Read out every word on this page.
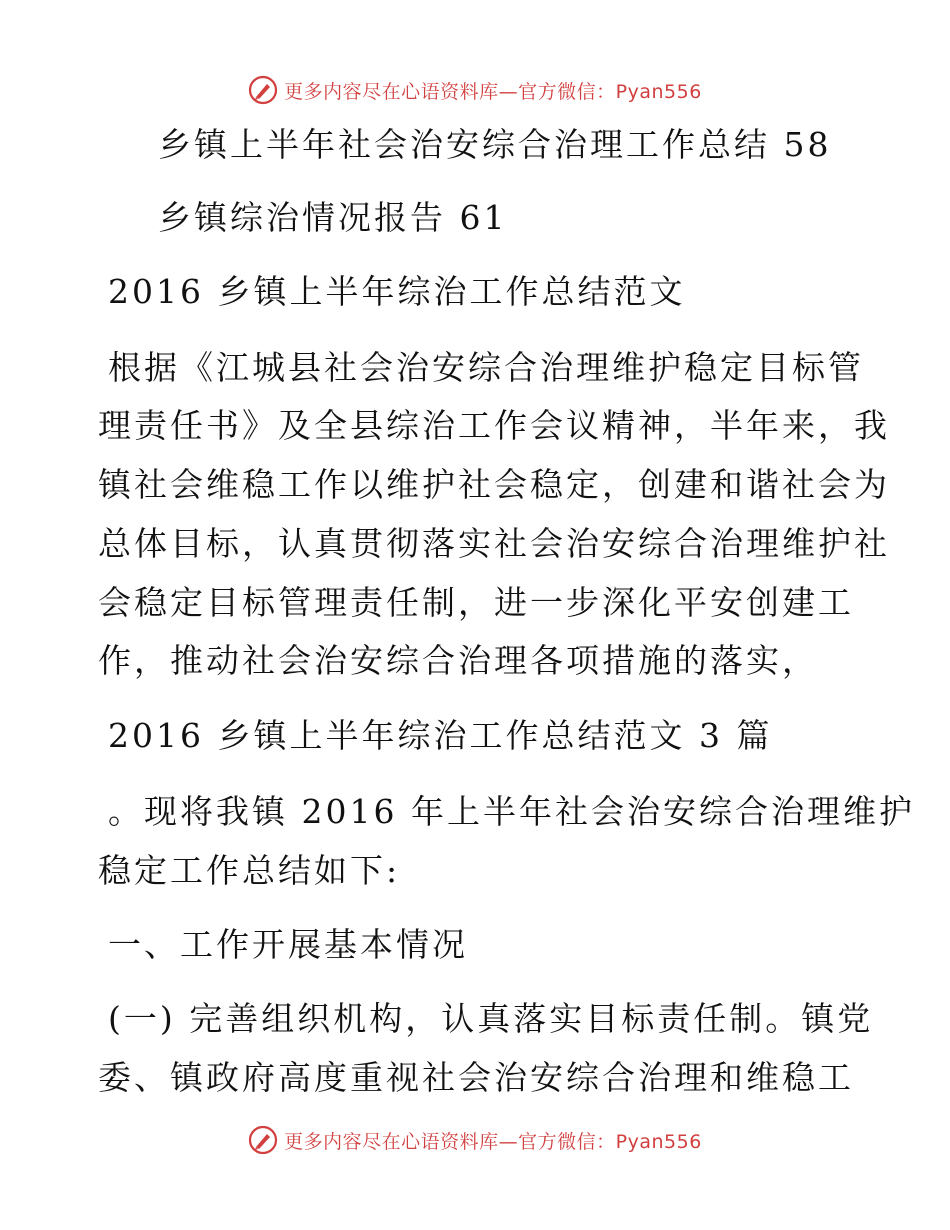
更多内容尽在心语资料库—官方微信：Pyan556
乡镇上半年社会治安综合治理工作总结 58
乡镇综治情况报告 61
2016 乡镇上半年综治工作总结范文
根据《江城县社会治安综合治理维护稳定目标管
理责任书》及全县综治工作会议精神，半年来，我
镇社会维稳工作以维护社会稳定，创建和谐社会为
总体目标，认真贯彻落实社会治安综合治理维护社
会稳定目标管理责任制，进一步深化平安创建工
作，推动社会治安综合治理各项措施的落实，
2016 乡镇上半年综治工作总结范文 3 篇
。现将我镇 2016 年上半年社会治安综合治理维护
稳定工作总结如下:
一、工作开展基本情况
(一) 完善组织机构，认真落实目标责任制。镇党
委、镇政府高度重视社会治安综合治理和维稳工
更多内容尽在心语资料库—官方微信：Pyan556
